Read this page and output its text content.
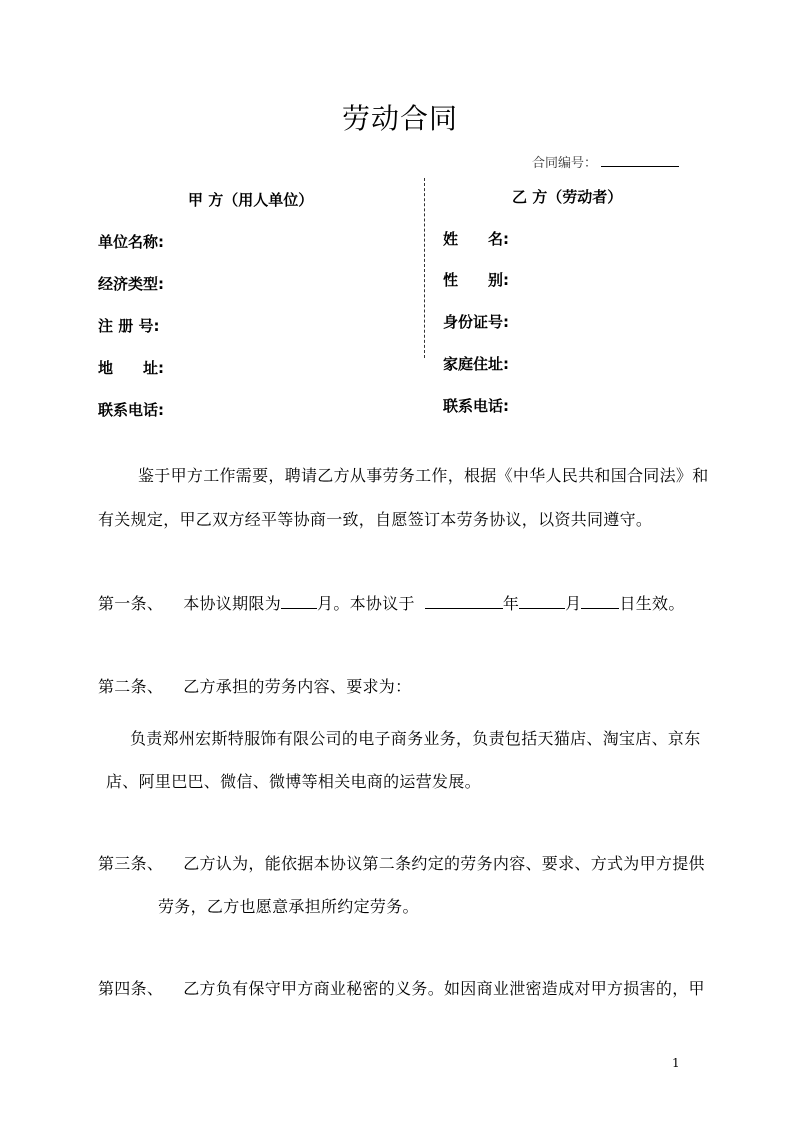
劳动合同
合同编号：
甲 方（用人单位）
单位名称:
经济类型:
注 册 号:
地　　址:
联系电话:
乙 方（劳动者）
姓　　名:
性　　别:
身份证号:
家庭住址:
联系电话:
鉴于甲方工作需要，聘请乙方从事劳务工作，根据《中华人民共和国合同法》和
有关规定，甲乙双方经平等协商一致，自愿签订本劳务协议，以资共同遵守。
第一条、 本协议期限为 月。本协议于	年	月 日生效。
第二条、 乙方承担的劳务内容、要求为：
负责郑州宏斯特服饰有限公司的电子商务业务，负责包括天猫店、淘宝店、京东
店、阿里巴巴、微信、微博等相关电商的运营发展。
第三条、 乙方认为，能依据本协议第二条约定的劳务内容、要求、方式为甲方提供
劳务，乙方也愿意承担所约定劳务。
第四条、 乙方负有保守甲方商业秘密的义务。如因商业泄密造成对甲方损害的，甲
1
